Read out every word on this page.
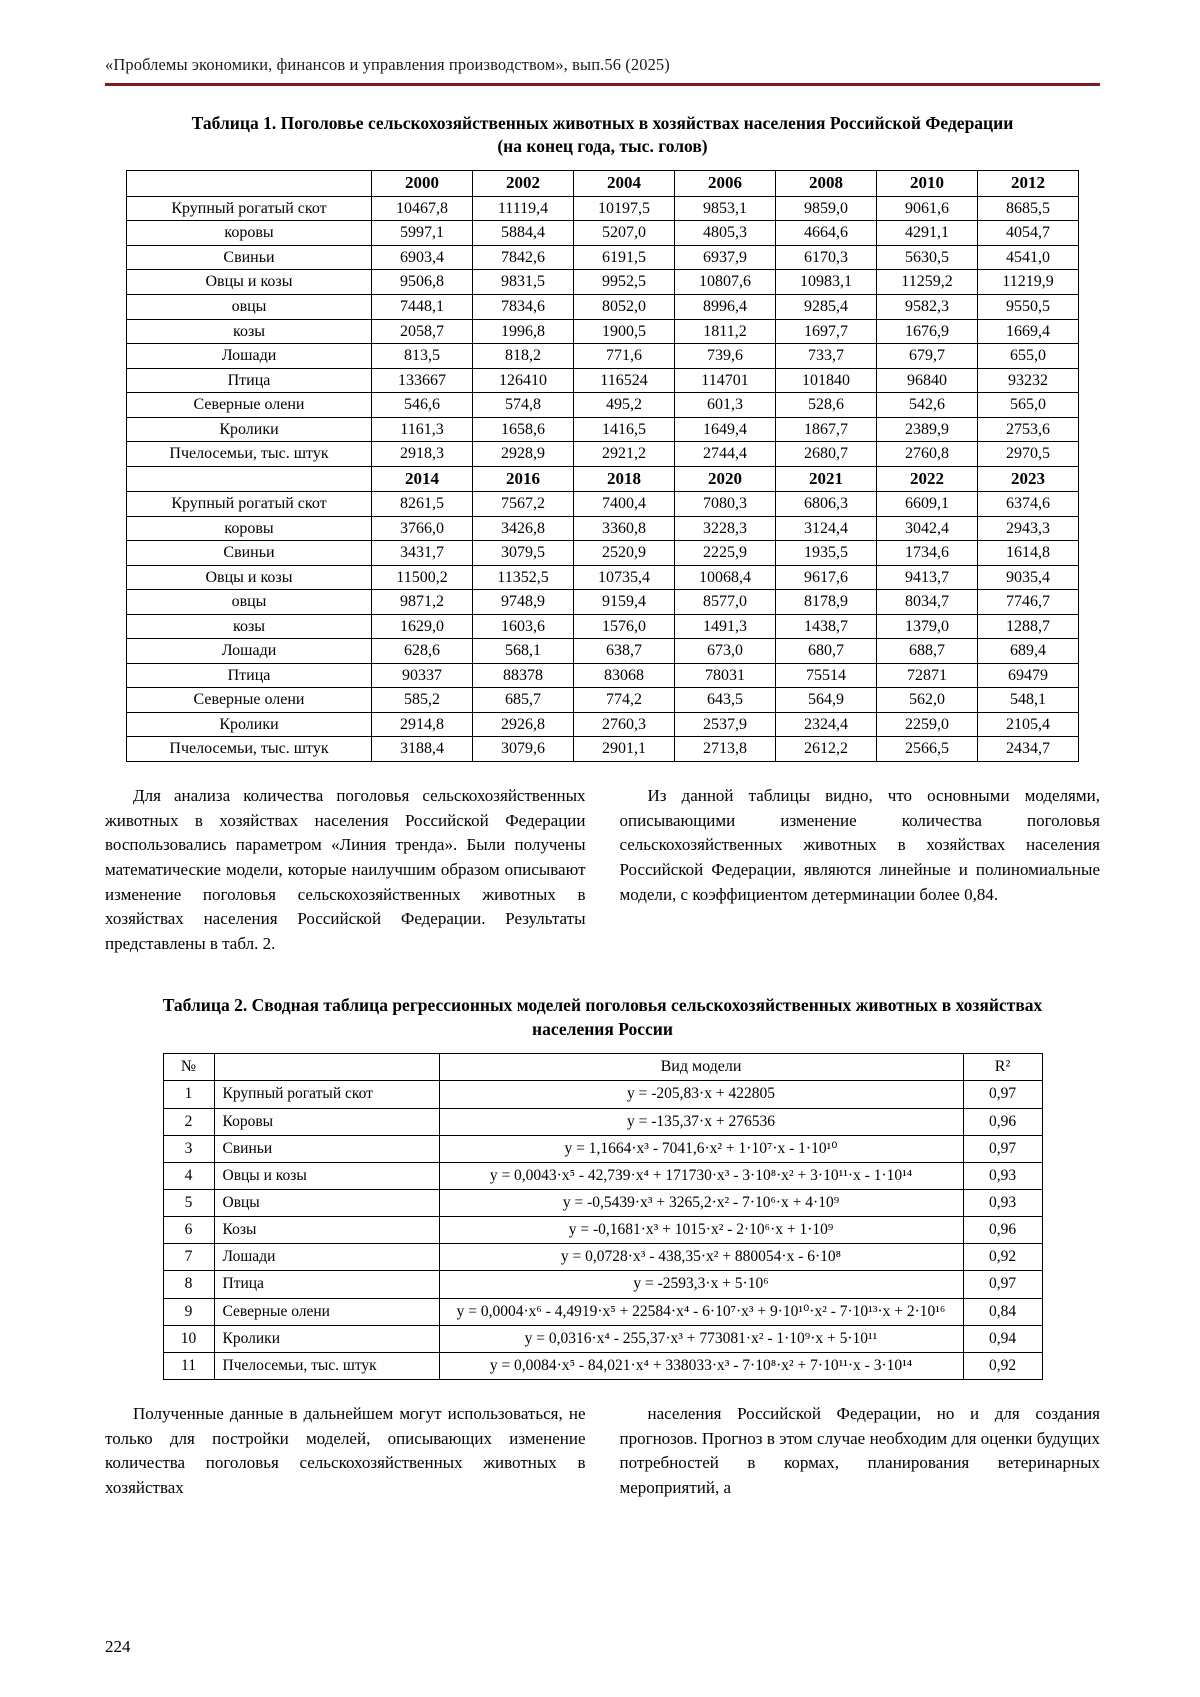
«Проблемы экономики, финансов и управления производством», вып.56 (2025)
Таблица 1. Поголовье сельскохозяйственных животных в хозяйствах населения Российской Федерации (на конец года, тыс. голов)
	2000	2002	2004	2006	2008	2010	2012
Крупный рогатый скот	10467,8	11119,4	10197,5	9853,1	9859,0	9061,6	8685,5
коровы	5997,1	5884,4	5207,0	4805,3	4664,6	4291,1	4054,7
Свиньи	6903,4	7842,6	6191,5	6937,9	6170,3	5630,5	4541,0
Овцы и козы	9506,8	9831,5	9952,5	10807,6	10983,1	11259,2	11219,9
овцы	7448,1	7834,6	8052,0	8996,4	9285,4	9582,3	9550,5
козы	2058,7	1996,8	1900,5	1811,2	1697,7	1676,9	1669,4
Лошади	813,5	818,2	771,6	739,6	733,7	679,7	655,0
Птица	133667	126410	116524	114701	101840	96840	93232
Северные олени	546,6	574,8	495,2	601,3	528,6	542,6	565,0
Кролики	1161,3	1658,6	1416,5	1649,4	1867,7	2389,9	2753,6
Пчелосемьи, тыс. штук	2918,3	2928,9	2921,2	2744,4	2680,7	2760,8	2970,5
	2014	2016	2018	2020	2021	2022	2023
Крупный рогатый скот	8261,5	7567,2	7400,4	7080,3	6806,3	6609,1	6374,6
коровы	3766,0	3426,8	3360,8	3228,3	3124,4	3042,4	2943,3
Свиньи	3431,7	3079,5	2520,9	2225,9	1935,5	1734,6	1614,8
Овцы и козы	11500,2	11352,5	10735,4	10068,4	9617,6	9413,7	9035,4
овцы	9871,2	9748,9	9159,4	8577,0	8178,9	8034,7	7746,7
козы	1629,0	1603,6	1576,0	1491,3	1438,7	1379,0	1288,7
Лошади	628,6	568,1	638,7	673,0	680,7	688,7	689,4
Птица	90337	88378	83068	78031	75514	72871	69479
Северные олени	585,2	685,7	774,2	643,5	564,9	562,0	548,1
Кролики	2914,8	2926,8	2760,3	2537,9	2324,4	2259,0	2105,4
Пчелосемьи, тыс. штук	3188,4	3079,6	2901,1	2713,8	2612,2	2566,5	2434,7

Для анализа количества поголовья сельскохозяйственных животных в хозяйствах населения Российской Федерации воспользовались параметром «Линия тренда». Были получены математические модели, которые наилучшим образом описывают изменение поголовья сельскохозяйственных животных в хозяйствах населения Российской Федерации. Результаты представлены в табл. 2.

Из данной таблицы видно, что основными моделями, описывающими изменение количества поголовья сельскохозяйственных животных в хозяйствах населения Российской Федерации, являются линейные и полиномиальные модели, с коэффициентом детерминации более 0,84.

Таблица 2. Сводная таблица регрессионных моделей поголовья сельскохозяйственных животных в хозяйствах населения России
№		Вид модели	R²
1	Крупный рогатый скот	y = -205,83·x + 422805	0,97
2	Коровы	y = -135,37·x + 276536	0,96
3	Свиньи	y = 1,1664·x³ - 7041,6·x² + 1·10⁷·x - 1·10¹⁰	0,97
4	Овцы и козы	y = 0,0043·x⁵ - 42,739·x⁴ + 171730·x³ - 3·10⁸·x² + 3·10¹¹·x - 1·10¹⁴	0,93
5	Овцы	y = -0,5439·x³ + 3265,2·x² - 7·10⁶·x + 4·10⁹	0,93
6	Козы	y = -0,1681·x³ + 1015·x² - 2·10⁶·x + 1·10⁹	0,96
7	Лошади	y = 0,0728·x³ - 438,35·x² + 880054·x - 6·10⁸	0,92
8	Птица	y = -2593,3·x + 5·10⁶	0,97
9	Северные олени	y = 0,0004·x⁶ - 4,4919·x⁵ + 22584·x⁴ - 6·10⁷·x³ + 9·10¹⁰·x² - 7·10¹³·x + 2·10¹⁶	0,84
10	Кролики	y = 0,0316·x⁴ - 255,37·x³ + 773081·x² - 1·10⁹·x + 5·10¹¹	0,94
11	Пчелосемьи, тыс. штук	y = 0,0084·x⁵ - 84,021·x⁴ + 338033·x³ - 7·10⁸·x² + 7·10¹¹·x - 3·10¹⁴	0,92

Полученные данные в дальнейшем могут использоваться, не только для постройки моделей, описывающих изменение количества поголовья сельскохозяйственных животных в хозяйствах

населения Российской Федерации, но и для создания прогнозов. Прогноз в этом случае необходим для оценки будущих потребностей в кормах, планирования ветеринарных мероприятий, а

224
